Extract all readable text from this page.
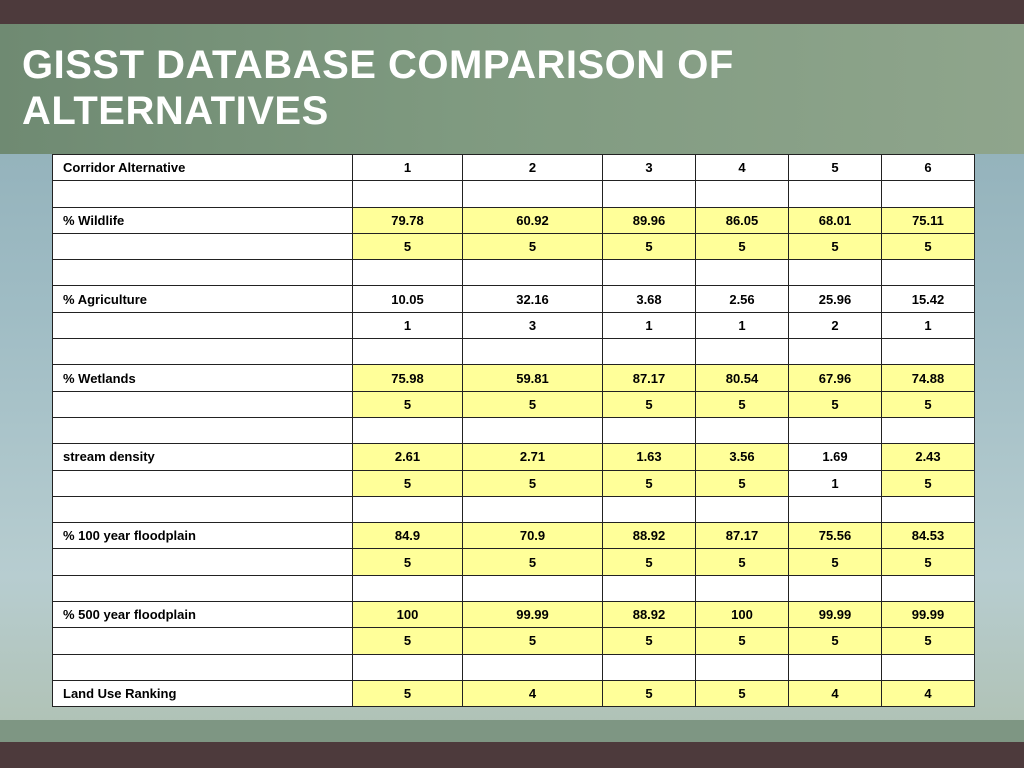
GISST DATABASE COMPARISON OF ALTERNATIVES
Corridor Alternative	1	2	3	4	5	6

% Wildlife	79.78	60.92	89.96	86.05	68.01	75.11
	5	5	5	5	5	5

% Agriculture	10.05	32.16	3.68	2.56	25.96	15.42
	1	3	1	1	2	1

% Wetlands	75.98	59.81	87.17	80.54	67.96	74.88
	5	5	5	5	5	5

stream density	2.61	2.71	1.63	3.56	1.69	2.43
	5	5	5	5	1	5

% 100 year floodplain	84.9	70.9	88.92	87.17	75.56	84.53
	5	5	5	5	5	5

% 500 year floodplain	100	99.99	88.92	100	99.99	99.99
	5	5	5	5	5	5

Land Use Ranking	5	4	5	5	4	4
